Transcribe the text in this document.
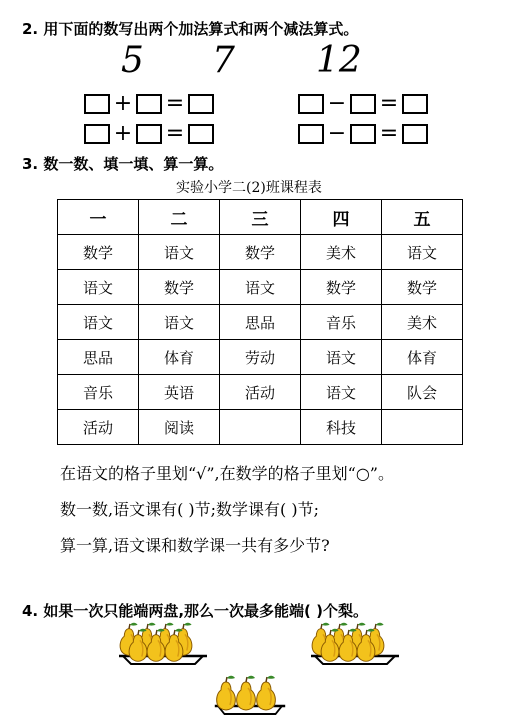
2. 用下面的数写出两个加法算式和两个减法算式。
5 7 12
+ =
+ =
− =
− =
3. 数一数、填一填、算一算。
实验小学二(2)班课程表
一	二	三	四	五
数学	语文	数学	美术	语文
语文	数学	语文	数学	数学
语文	语文	思品	音乐	美术
思品	体育	劳动	语文	体育
音乐	英语	活动	语文	队会
活动	阅读		科技	
在语文的格子里划“√”,在数学的格子里划“○”。
数一数,语文课有( )节;数学课有( )节;
算一算,语文课和数学课一共有多少节?
4. 如果一次只能端两盘,那么一次最多能端( )个梨。
